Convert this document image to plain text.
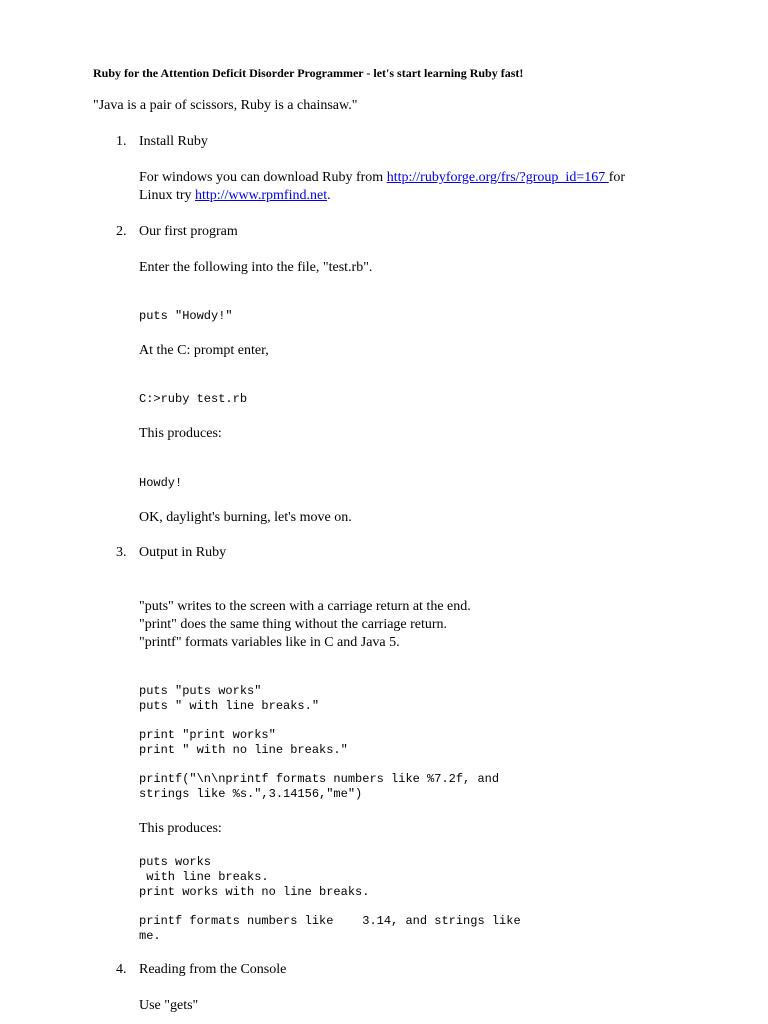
Ruby for the Attention Deficit Disorder Programmer - let's start learning Ruby fast!
"Java is a pair of scissors, Ruby is a chainsaw."
1. Install Ruby
For windows you can download Ruby from http://rubyforge.org/frs/?group_id=167 for
Linux try http://www.rpmfind.net.
2. Our first program
Enter the following into the file, "test.rb".
puts "Howdy!"
At the C: prompt enter,
C:>ruby test.rb
This produces:
Howdy!
OK, daylight's burning, let's move on.
3. Output in Ruby
"puts" writes to the screen with a carriage return at the end.
"print" does the same thing without the carriage return.
"printf" formats variables like in C and Java 5.
puts "puts works"
puts " with line breaks."
print "print works"
print " with no line breaks."
printf("\n\nprintf formats numbers like %7.2f, and
strings like %s.",3.14156,"me")
This produces:
puts works
with line breaks.
print works with no line breaks.
printf formats numbers like    3.14, and strings like
me.
4. Reading from the Console
Use "gets"
